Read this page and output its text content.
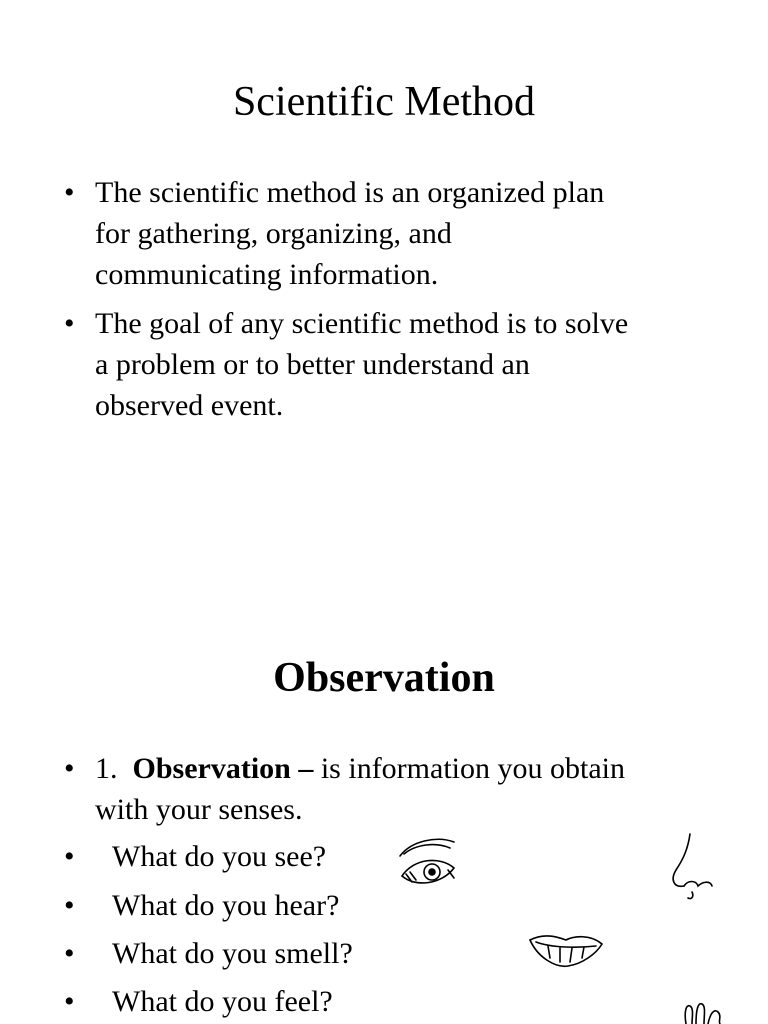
Scientific Method
• The scientific method is an organized plan
for gathering, organizing, and
communicating information.
• The goal of any scientific method is to solve
a problem or to better understand an
observed event.
Observation
• 1. Observation – is information you obtain
with your senses.
• What do you see?
• What do you hear?
• What do you smell?
• What do you feel?
